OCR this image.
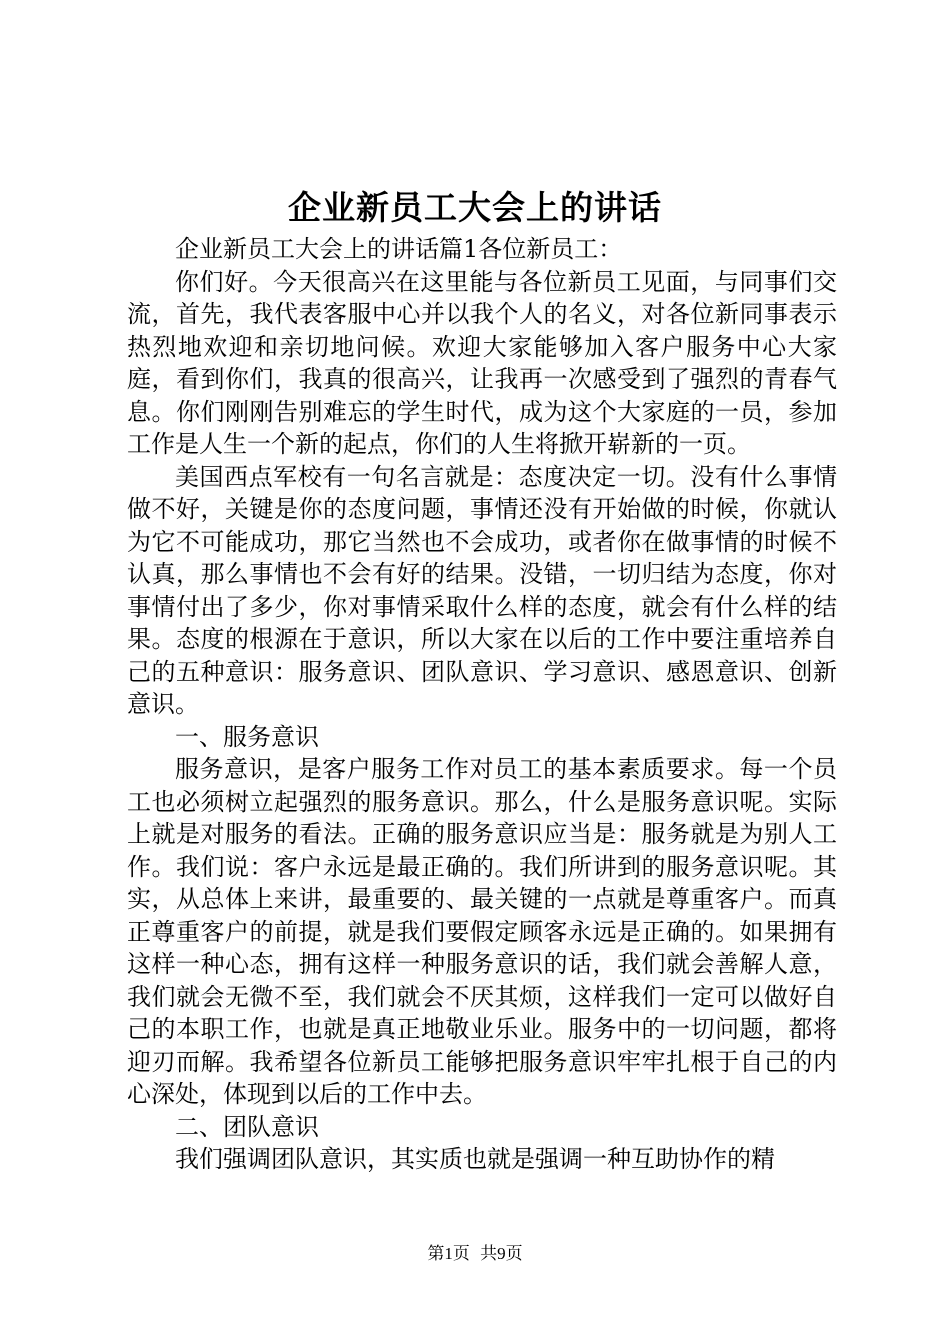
企业新员工大会上的讲话

企业新员工大会上的讲话篇1各位新员工：

你们好。今天很高兴在这里能与各位新员工见面，与同事们交流，首先，我代表客服中心并以我个人的名义，对各位新同事表示热烈地欢迎和亲切地问候。欢迎大家能够加入客户服务中心大家庭，看到你们，我真的很高兴，让我再一次感受到了强烈的青春气息。你们刚刚告别难忘的学生时代，成为这个大家庭的一员，参加工作是人生一个新的起点，你们的人生将掀开崭新的一页。

美国西点军校有一句名言就是：态度决定一切。没有什么事情做不好，关键是你的态度问题，事情还没有开始做的时候，你就认为它不可能成功，那它当然也不会成功，或者你在做事情的时候不认真，那么事情也不会有好的结果。没错，一切归结为态度，你对事情付出了多少，你对事情采取什么样的态度，就会有什么样的结果。态度的根源在于意识，所以大家在以后的工作中要注重培养自己的五种意识：服务意识、团队意识、学习意识、感恩意识、创新意识。

一、服务意识

服务意识，是客户服务工作对员工的基本素质要求。每一个员工也必须树立起强烈的服务意识。那么，什么是服务意识呢。实际上就是对服务的看法。正确的服务意识应当是：服务就是为别人工作。我们说：客户永远是最正确的。我们所讲到的服务意识呢。其实，从总体上来讲，最重要的、最关键的一点就是尊重客户。而真正尊重客户的前提，就是我们要假定顾客永远是正确的。如果拥有这样一种心态，拥有这样一种服务意识的话，我们就会善解人意，我们就会无微不至，我们就会不厌其烦，这样我们一定可以做好自己的本职工作，也就是真正地敬业乐业。服务中的一切问题，都将迎刃而解。我希望各位新员工能够把服务意识牢牢扎根于自己的内心深处，体现到以后的工作中去。

二、团队意识

我们强调团队意识，其实质也就是强调一种互助协作的精

第1页 共9页
